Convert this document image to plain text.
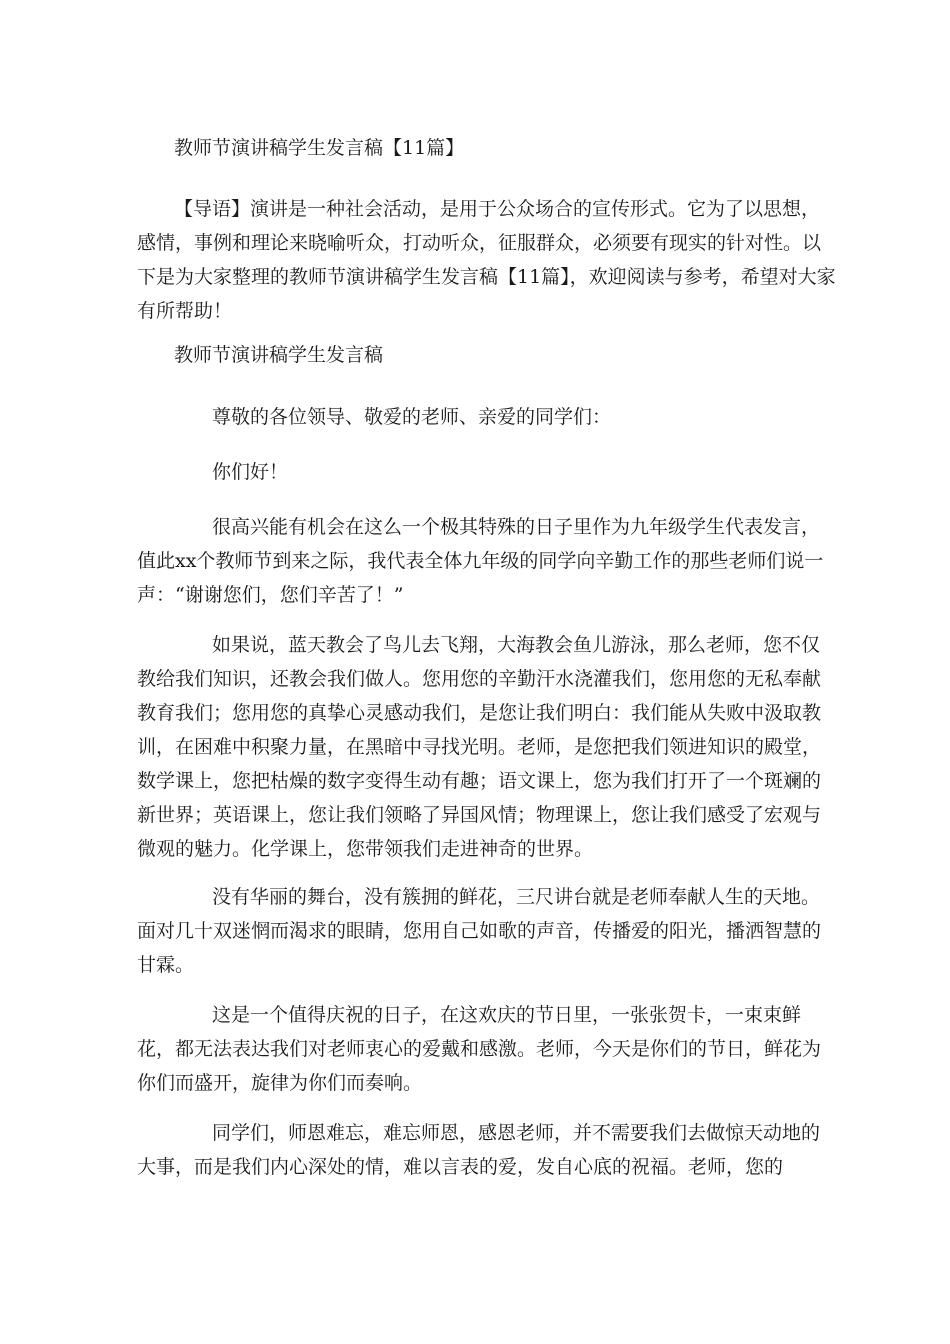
教师节演讲稿学生发言稿【11篇】

【导语】演讲是一种社会活动，是用于公众场合的宣传形式。它为了以思想，感情，事例和理论来晓喻听众，打动听众，征服群众，必须要有现实的针对性。以下是为大家整理的教师节演讲稿学生发言稿【11篇】，欢迎阅读与参考，希望对大家有所帮助！

教师节演讲稿学生发言稿

尊敬的各位领导、敬爱的老师、亲爱的同学们：

你们好！

很高兴能有机会在这么一个极其特殊的日子里作为九年级学生代表发言，值此xx个教师节到来之际，我代表全体九年级的同学向辛勤工作的那些老师们说一声：“谢谢您们，您们辛苦了！”

如果说，蓝天教会了鸟儿去飞翔，大海教会鱼儿游泳，那么老师，您不仅教给我们知识，还教会我们做人。您用您的辛勤汗水浇灌我们，您用您的无私奉献教育我们；您用您的真挚心灵感动我们，是您让我们明白：我们能从失败中汲取教训，在困难中积聚力量，在黑暗中寻找光明。老师，是您把我们领进知识的殿堂，数学课上，您把枯燥的数字变得生动有趣；语文课上，您为我们打开了一个斑斓的新世界；英语课上，您让我们领略了异国风情；物理课上，您让我们感受了宏观与微观的魅力。化学课上，您带领我们走进神奇的世界。

没有华丽的舞台，没有簇拥的鲜花，三尺讲台就是老师奉献人生的天地。面对几十双迷惘而渴求的眼睛，您用自己如歌的声音，传播爱的阳光，播洒智慧的甘霖。

这是一个值得庆祝的日子，在这欢庆的节日里，一张张贺卡，一束束鲜花，都无法表达我们对老师衷心的爱戴和感激。老师，今天是你们的节日，鲜花为你们而盛开，旋律为你们而奏响。

同学们，师恩难忘，难忘师恩，感恩老师，并不需要我们去做惊天动地的大事，而是我们内心深处的情，难以言表的爱，发自心底的祝福。老师，您的
